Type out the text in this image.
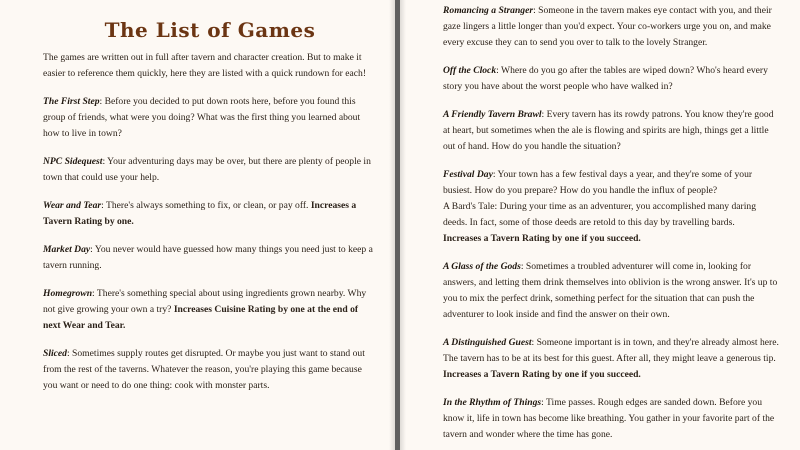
The List of Games

The games are written out in full after tavern and character creation. But to make it easier to reference them quickly, here they are listed with a quick rundown for each!

The First Step: Before you decided to put down roots here, before you found this group of friends, what were you doing? What was the first thing you learned about how to live in town?

NPC Sidequest: Your adventuring days may be over, but there are plenty of people in town that could use your help.

Wear and Tear: There's always something to fix, or clean, or pay off. Increases a Tavern Rating by one.

Market Day: You never would have guessed how many things you need just to keep a tavern running.

Homegrown: There's something special about using ingredients grown nearby. Why not give growing your own a try? Increases Cuisine Rating by one at the end of next Wear and Tear.

Sliced: Sometimes supply routes get disrupted. Or maybe you just want to stand out from the rest of the taverns. Whatever the reason, you're playing this game because you want or need to do one thing: cook with monster parts.

Romancing a Stranger: Someone in the tavern makes eye contact with you, and their gaze lingers a little longer than you'd expect. Your co-workers urge you on, and make every excuse they can to send you over to talk to the lovely Stranger.

Off the Clock: Where do you go after the tables are wiped down? Who's heard every story you have about the worst people who have walked in?

A Friendly Tavern Brawl: Every tavern has its rowdy patrons. You know they're good at heart, but sometimes when the ale is flowing and spirits are high, things get a little out of hand. How do you handle the situation?

Festival Day: Your town has a few festival days a year, and they're some of your busiest. How do you prepare? How do you handle the influx of people?
A Bard's Tale: During your time as an adventurer, you accomplished many daring deeds. In fact, some of those deeds are retold to this day by travelling bards.
Increases a Tavern Rating by one if you succeed.

A Glass of the Gods: Sometimes a troubled adventurer will come in, looking for answers, and letting them drink themselves into oblivion is the wrong answer. It's up to you to mix the perfect drink, something perfect for the situation that can push the adventurer to look inside and find the answer on their own.

A Distinguished Guest: Someone important is in town, and they're already almost here. The tavern has to be at its best for this guest. After all, they might leave a generous tip. Increases a Tavern Rating by one if you succeed.

In the Rhythm of Things: Time passes. Rough edges are sanded down. Before you know it, life in town has become like breathing. You gather in your favorite part of the tavern and wonder where the time has gone.
